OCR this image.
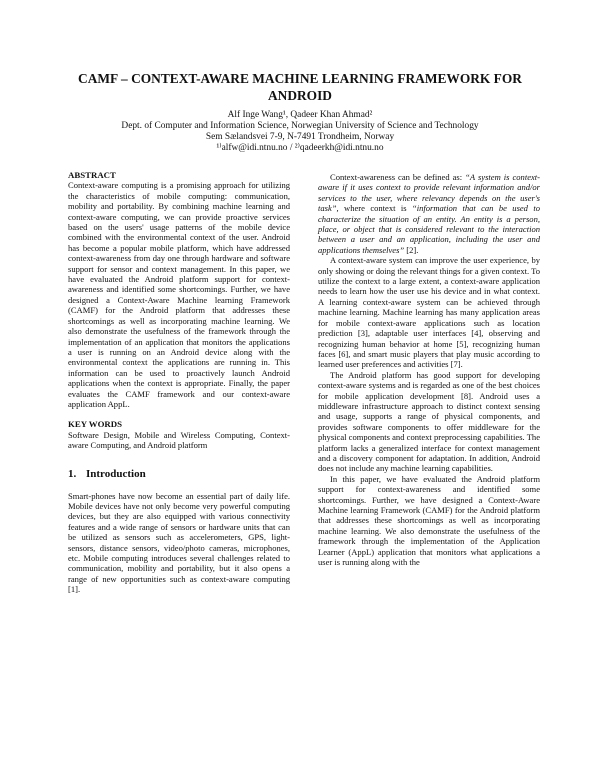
CAMF – CONTEXT-AWARE MACHINE LEARNING FRAMEWORK FOR ANDROID
Alf Inge Wang¹, Qadeer Khan Ahmad²
Dept. of Computer and Information Science, Norwegian University of Science and Technology
Sem Sælandsvei 7-9, N-7491 Trondheim, Norway
¹⁾alfw@idi.ntnu.no / ²⁾qadeerkh@idi.ntnu.no

ABSTRACT

Context-aware computing is a promising approach for utilizing the characteristics of mobile computing: communication, mobility and portability. By combining machine learning and context-aware computing, we can provide proactive services based on the users' usage patterns of the mobile device combined with the environmental context of the user. Android has become a popular mobile platform, which have addressed context-awareness from day one through hardware and software support for sensor and context management. In this paper, we have evaluated the Android platform support for context-awareness and identified some shortcomings. Further, we have designed a Context-Aware Machine learning Framework (CAMF) for the Android platform that addresses these shortcomings as well as incorporating machine learning. We also demonstrate the usefulness of the framework through the implementation of an application that monitors the applications a user is running on an Android device along with the environmental context the applications are running in. This information can be used to proactively launch Android applications when the context is appropriate. Finally, the paper evaluates the CAMF framework and our context-aware application AppL.

KEY WORDS

Software Design, Mobile and Wireless Computing, Context-aware Computing, and Android platform

1. Introduction

Smart-phones have now become an essential part of daily life. Mobile devices have not only become very powerful computing devices, but they are also equipped with various connectivity features and a wide range of sensors or hardware units that can be utilized as sensors such as accelerometers, GPS, light-sensors, distance sensors, video/photo cameras, microphones, etc. Mobile computing introduces several challenges related to communication, mobility and portability, but it also opens a range of new opportunities such as context-aware computing [1].

Context-awareness can be defined as: “A system is context-aware if it uses context to provide relevant information and/or services to the user, where relevancy depends on the user's task”, where context is “information that can be used to characterize the situation of an entity. An entity is a person, place, or object that is considered relevant to the interaction between a user and an application, including the user and applications themselves” [2].

A context-aware system can improve the user experience, by only showing or doing the relevant things for a given context. To utilize the context to a large extent, a context-aware application needs to learn how the user use his device and in what context. A learning context-aware system can be achieved through machine learning. Machine learning has many application areas for mobile context-aware applications such as location prediction [3], adaptable user interfaces [4], observing and recognizing human behavior at home [5], recognizing human faces [6], and smart music players that play music according to learned user preferences and activities [7].

The Android platform has good support for developing context-aware systems and is regarded as one of the best choices for mobile application development [8]. Android uses a middleware infrastructure approach to distinct context sensing and usage, supports a range of physical components, and provides software components to offer middleware for the physical components and context preprocessing capabilities. The platform lacks a generalized interface for context management and a discovery component for adaptation. In addition, Android does not include any machine learning capabilities.

In this paper, we have evaluated the Android platform support for context-awareness and identified some shortcomings. Further, we have designed a Context-Aware Machine learning Framework (CAMF) for the Android platform that addresses these shortcomings as well as incorporating machine learning. We also demonstrate the usefulness of the framework through the implementation of the Application Learner (AppL) application that monitors what applications a user is running along with the
